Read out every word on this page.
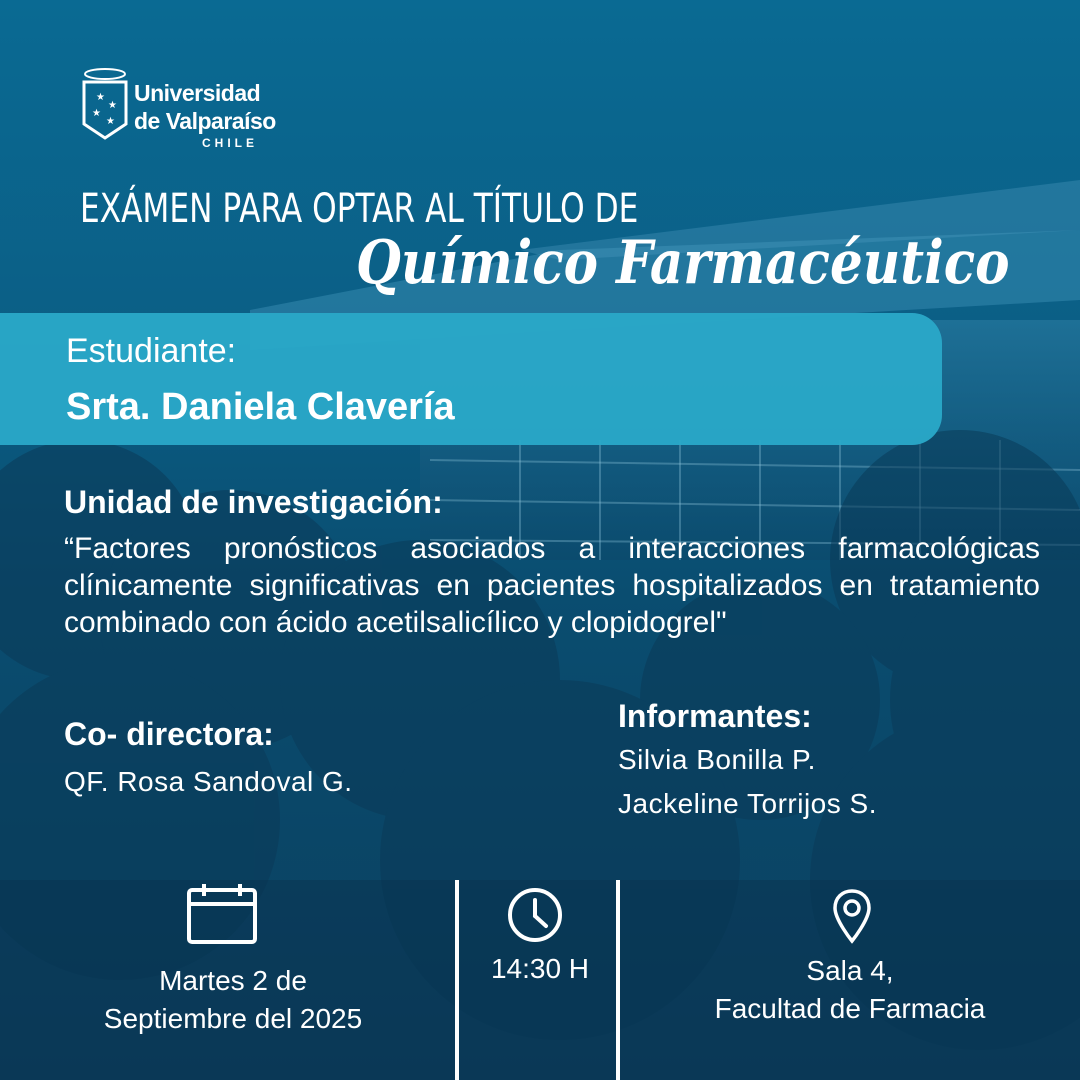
★
★
★
★
Universidad
de Valparaíso
CHILE
EXÁMEN PARA OPTAR AL TÍTULO DE
Químico Farmacéutico
Estudiante:
Srta. Daniela Clavería
Unidad de investigación:
“Factores pronósticos asociados a interacciones farmacológicas clínicamente significativas en pacientes hospitalizados en tratamiento combinado con ácido acetilsalicílico y clopidogrel"
Co- directora:
QF. Rosa Sandoval G.
Informantes:
Silvia Bonilla P.
Jackeline Torrijos S.
Martes 2 de
Septiembre del 2025
14:30 H	Sala 4,
Facultad de Farmacia
